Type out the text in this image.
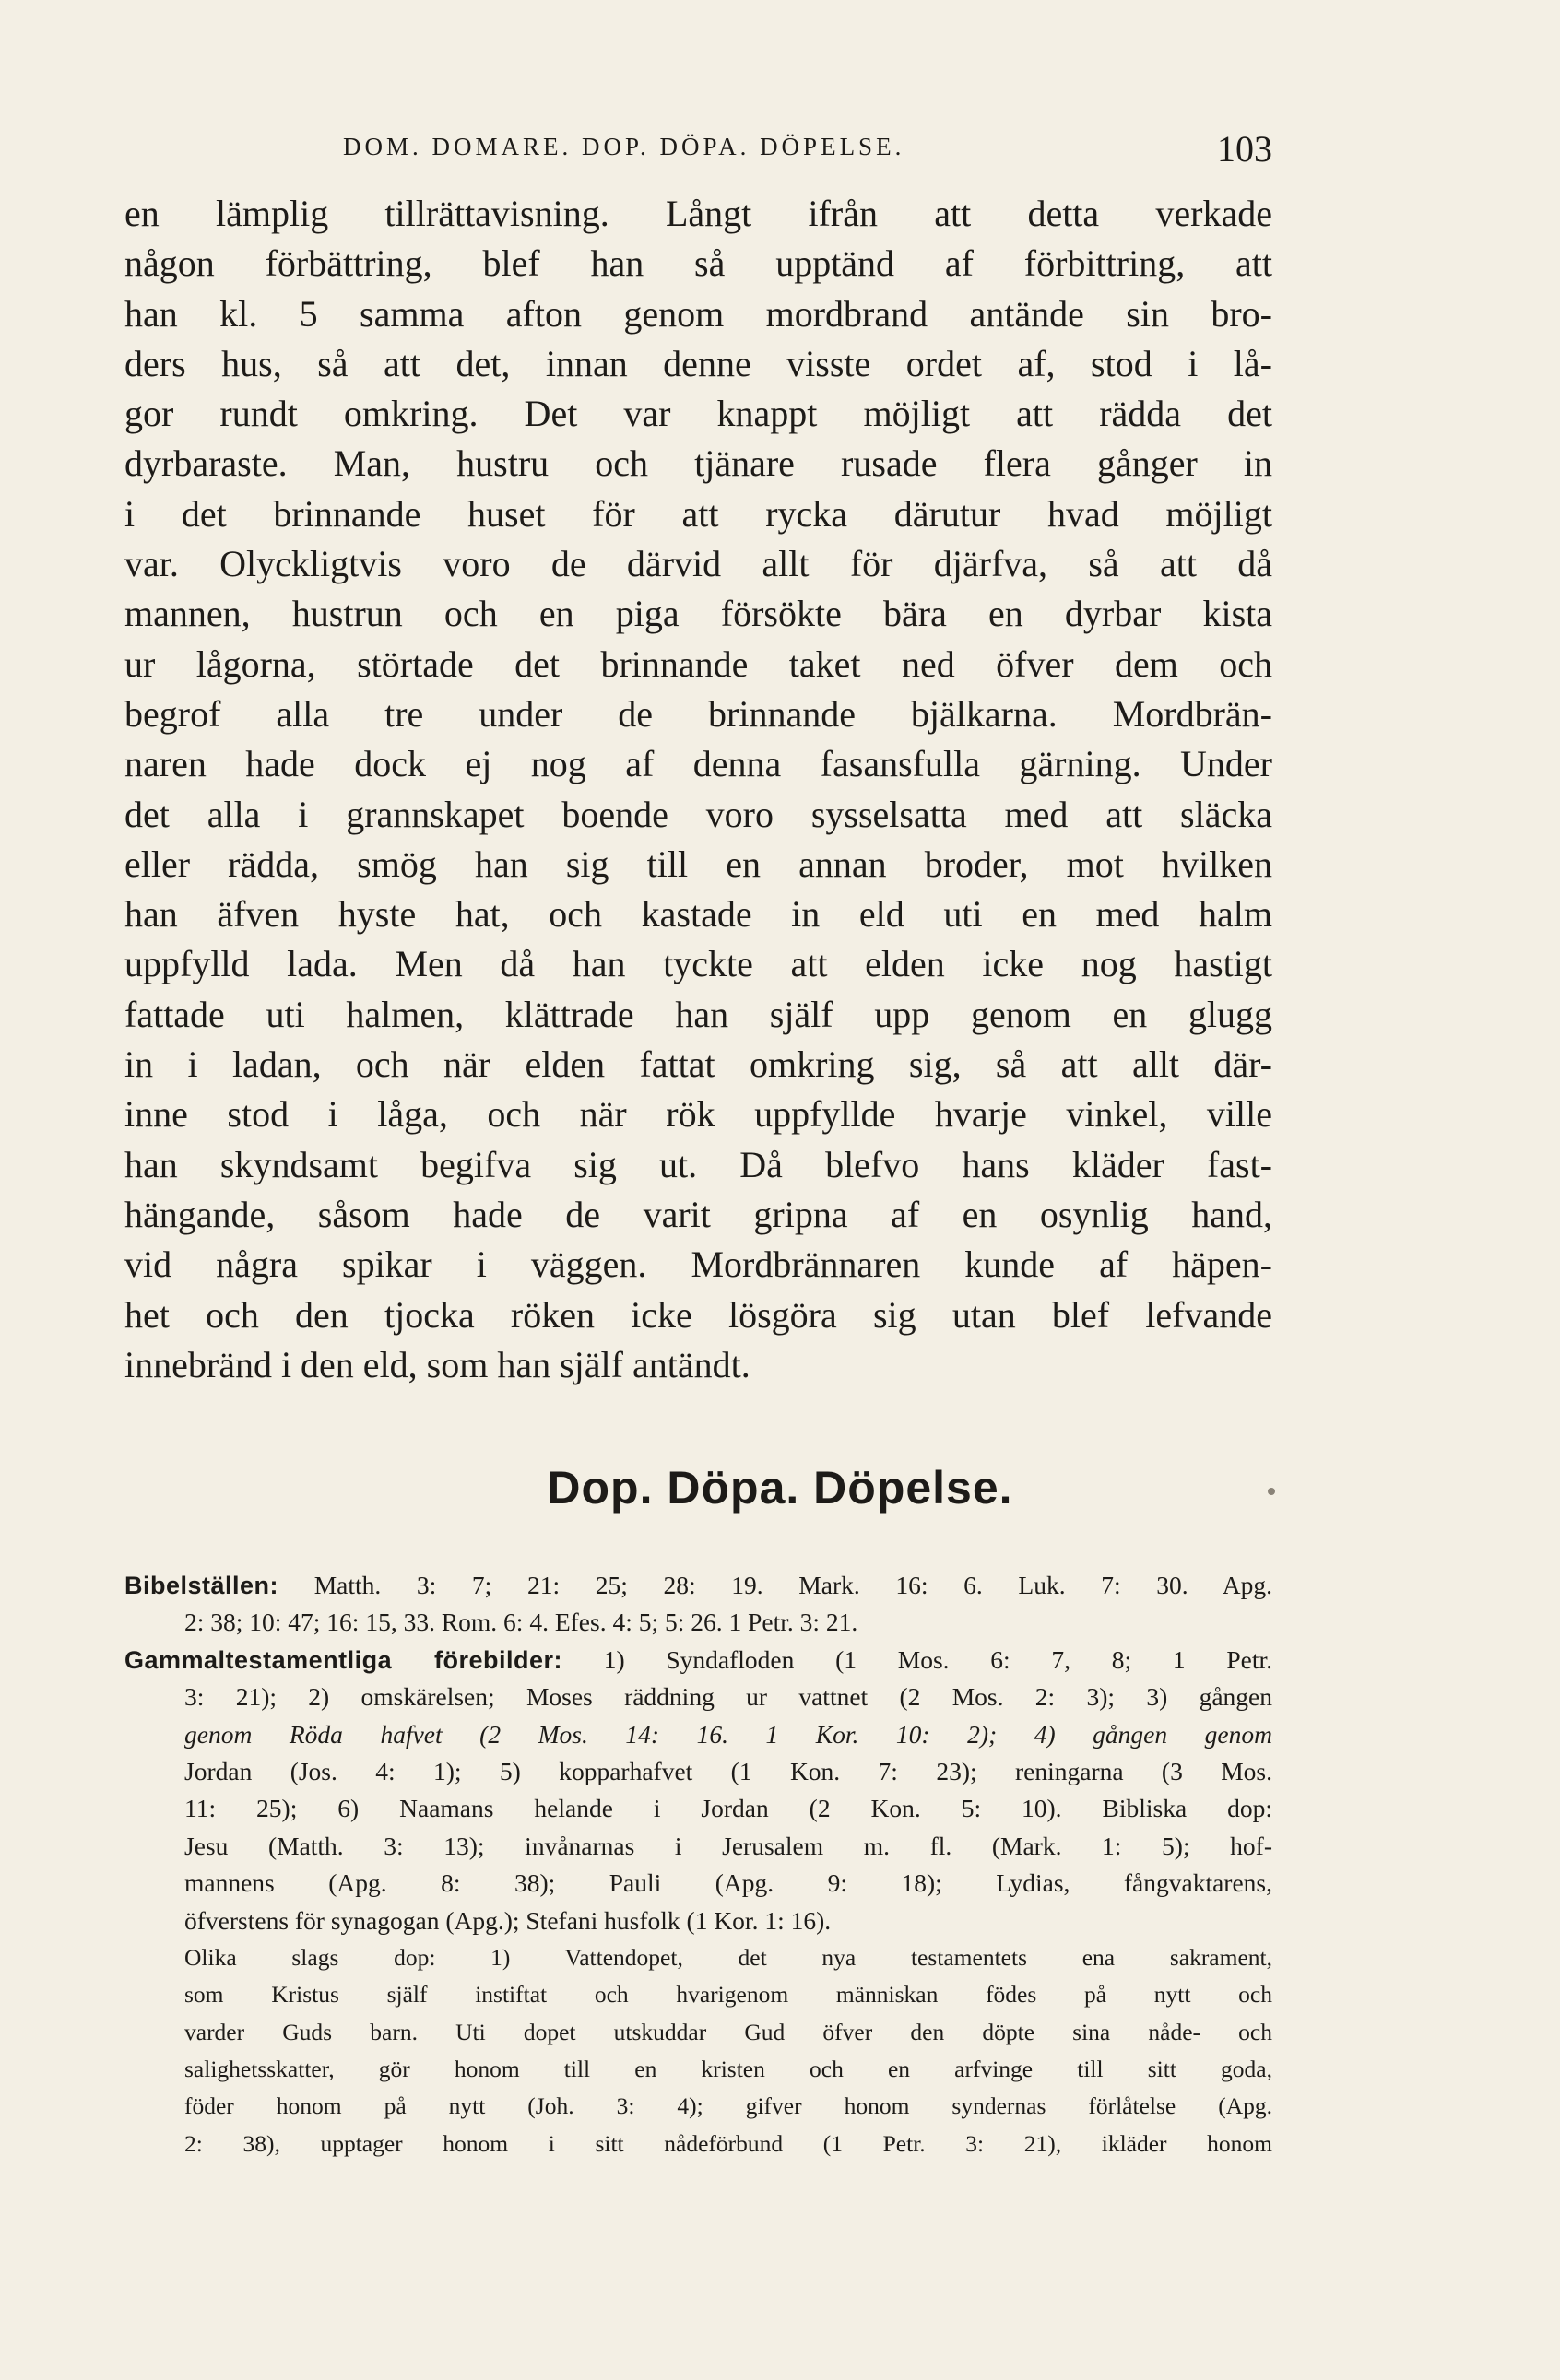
DOM. DOMARE. DOP. DÖPA. DÖPELSE.	103
en lämplig tillrättavisning. Långt ifrån att detta verkade
någon förbättring, blef han så upptänd af förbittring, att
han kl. 5 samma afton genom mordbrand antände sin bro-
ders hus, så att det, innan denne visste ordet af, stod i lå-
gor rundt omkring. Det var knappt möjligt att rädda det
dyrbaraste. Man, hustru och tjänare rusade flera gånger in
i det brinnande huset för att rycka därutur hvad möjligt
var. Olyckligtvis voro de därvid allt för djärfva, så att då
mannen, hustrun och en piga försökte bära en dyrbar kista
ur lågorna, störtade det brinnande taket ned öfver dem och
begrof alla tre under de brinnande bjälkarna. Mordbrän-
naren hade dock ej nog af denna fasansfulla gärning. Under
det alla i grannskapet boende voro sysselsatta med att släcka
eller rädda, smög han sig till en annan broder, mot hvilken
han äfven hyste hat, och kastade in eld uti en med halm
uppfylld lada. Men då han tyckte att elden icke nog hastigt
fattade uti halmen, klättrade han själf upp genom en glugg
in i ladan, och när elden fattat omkring sig, så att allt där-
inne stod i låga, och när rök uppfyllde hvarje vinkel, ville
han skyndsamt begifva sig ut. Då blefvo hans kläder fast-
hängande, såsom hade de varit gripna af en osynlig hand,
vid några spikar i väggen. Mordbrännaren kunde af häpen-
het och den tjocka röken icke lösgöra sig utan blef lefvande
innebränd i den eld, som han själf antändt.
Dop. Döpa. Döpelse.
Bibelställen: Matth. 3: 7; 21: 25; 28: 19. Mark. 16: 6. Luk. 7: 30. Apg.
2: 38; 10: 47; 16: 15, 33. Rom. 6: 4. Efes. 4: 5; 5: 26. 1 Petr. 3: 21.
Gammaltestamentliga förebilder: 1) Syndafloden (1 Mos. 6: 7, 8; 1 Petr.
3: 21); 2) omskärelsen; Moses räddning ur vattnet (2 Mos. 2: 3); 3) gången
genom Röda hafvet (2 Mos. 14: 16. 1 Kor. 10: 2); 4) gången genom
Jordan (Jos. 4: 1); 5) kopparhafvet (1 Kon. 7: 23); reningarna (3 Mos.
11: 25); 6) Naamans helande i Jordan (2 Kon. 5: 10). Bibliska dop:
Jesu (Matth. 3: 13); invånarnas i Jerusalem m. fl. (Mark. 1: 5); hof-
mannens (Apg. 8: 38); Pauli (Apg. 9: 18); Lydias, fångvaktarens,
öfverstens för synagogan (Apg.); Stefani husfolk (1 Kor. 1: 16).
Olika slags dop: 1) Vattendopet, det nya testamentets ena sakrament,
som Kristus själf instiftat och hvarigenom människan födes på nytt och
varder Guds barn. Uti dopet utskuddar Gud öfver den döpte sina nåde- och
salighetsskatter, gör honom till en kristen och en arfvinge till sitt goda,
föder honom på nytt (Joh. 3: 4); gifver honom syndernas förlåtelse (Apg.
2: 38), upptager honom i sitt nådeförbund (1 Petr. 3: 21), ikläder honom
